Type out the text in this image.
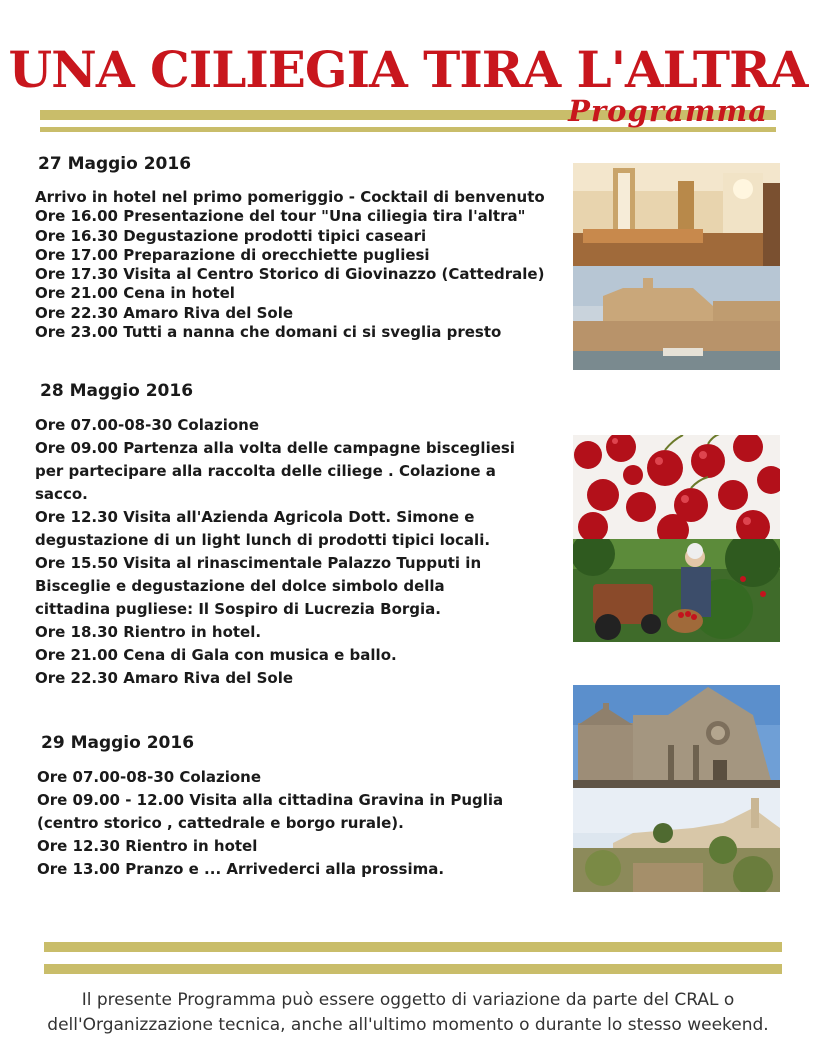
UNA CILIEGIA TIRA L'ALTRA
Programma
27 Maggio 2016
Arrivo in hotel nel primo pomeriggio - Cocktail di benvenuto
Ore 16.00 Presentazione del tour "Una ciliegia tira l'altra"
Ore 16.30 Degustazione prodotti tipici caseari
Ore 17.00 Preparazione di orecchiette pugliesi
Ore 17.30 Visita al Centro Storico di Giovinazzo (Cattedrale)
Ore 21.00 Cena in hotel
Ore 22.30 Amaro Riva del Sole
Ore 23.00 Tutti a nanna che domani ci si sveglia presto
28 Maggio 2016
Ore 07.00-08-30 Colazione
Ore 09.00 Partenza alla volta delle campagne biscegliesi per partecipare alla raccolta delle ciliege . Colazione a sacco.
Ore 12.30 Visita all'Azienda Agricola Dott. Simone e degustazione di un light lunch di prodotti tipici locali.
Ore 15.50 Visita al rinascimentale Palazzo Tupputi in Bisceglie e degustazione del dolce simbolo della cittadina pugliese: Il Sospiro di Lucrezia Borgia.
Ore 18.30 Rientro in hotel.
Ore 21.00 Cena di Gala con musica e ballo.
Ore 22.30 Amaro Riva del Sole
29 Maggio 2016
Ore 07.00-08-30 Colazione
Ore 09.00 - 12.00 Visita alla cittadina Gravina in Puglia (centro storico , cattedrale e borgo rurale).
Ore 12.30 Rientro in hotel
Ore 13.00 Pranzo e ... Arrivederci alla prossima.
Il presente Programma può essere oggetto di variazione da parte del CRAL o dell'Organizzazione tecnica, anche all'ultimo momento o durante lo stesso weekend.
